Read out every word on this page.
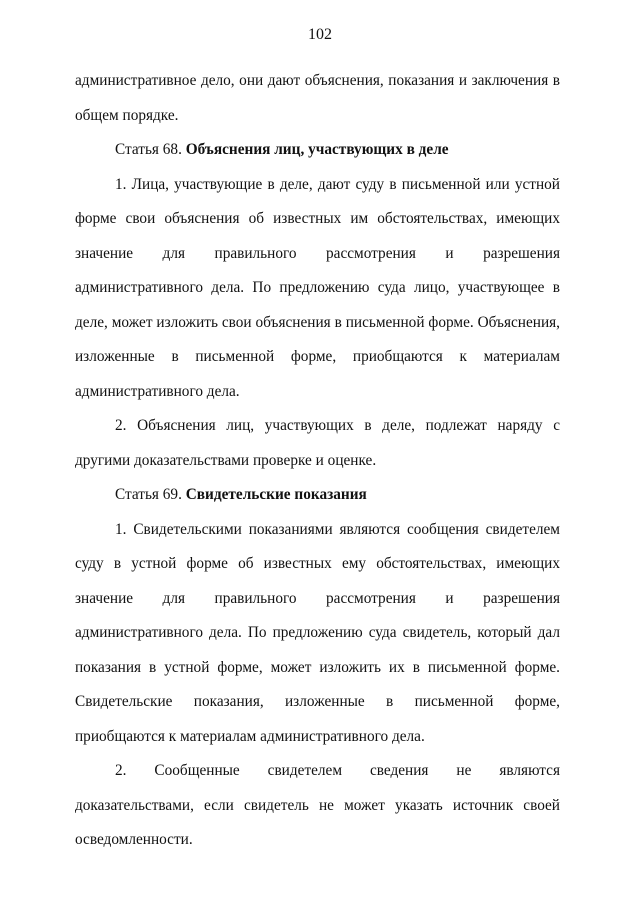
102

административное дело, они дают объяснения, показания и заключения в общем порядке.

Статья 68. Объяснения лиц, участвующих в деле

1. Лица, участвующие в деле, дают суду в письменной или устной форме свои объяснения об известных им обстоятельствах, имеющих значение для правильного рассмотрения и разрешения административного дела. По предложению суда лицо, участвующее в деле, может изложить свои объяснения в письменной форме. Объяснения, изложенные в письменной форме, приобщаются к материалам административного дела.

2. Объяснения лиц, участвующих в деле, подлежат наряду с другими доказательствами проверке и оценке.

Статья 69. Свидетельские показания

1. Свидетельскими показаниями являются сообщения свидетелем суду в устной форме об известных ему обстоятельствах, имеющих значение для правильного рассмотрения и разрешения административного дела. По предложению суда свидетель, который дал показания в устной форме, может изложить их в письменной форме. Свидетельские показания, изложенные в письменной форме, приобщаются к материалам административного дела.

2. Сообщенные свидетелем сведения не являются доказательствами, если свидетель не может указать источник своей осведомленности.
